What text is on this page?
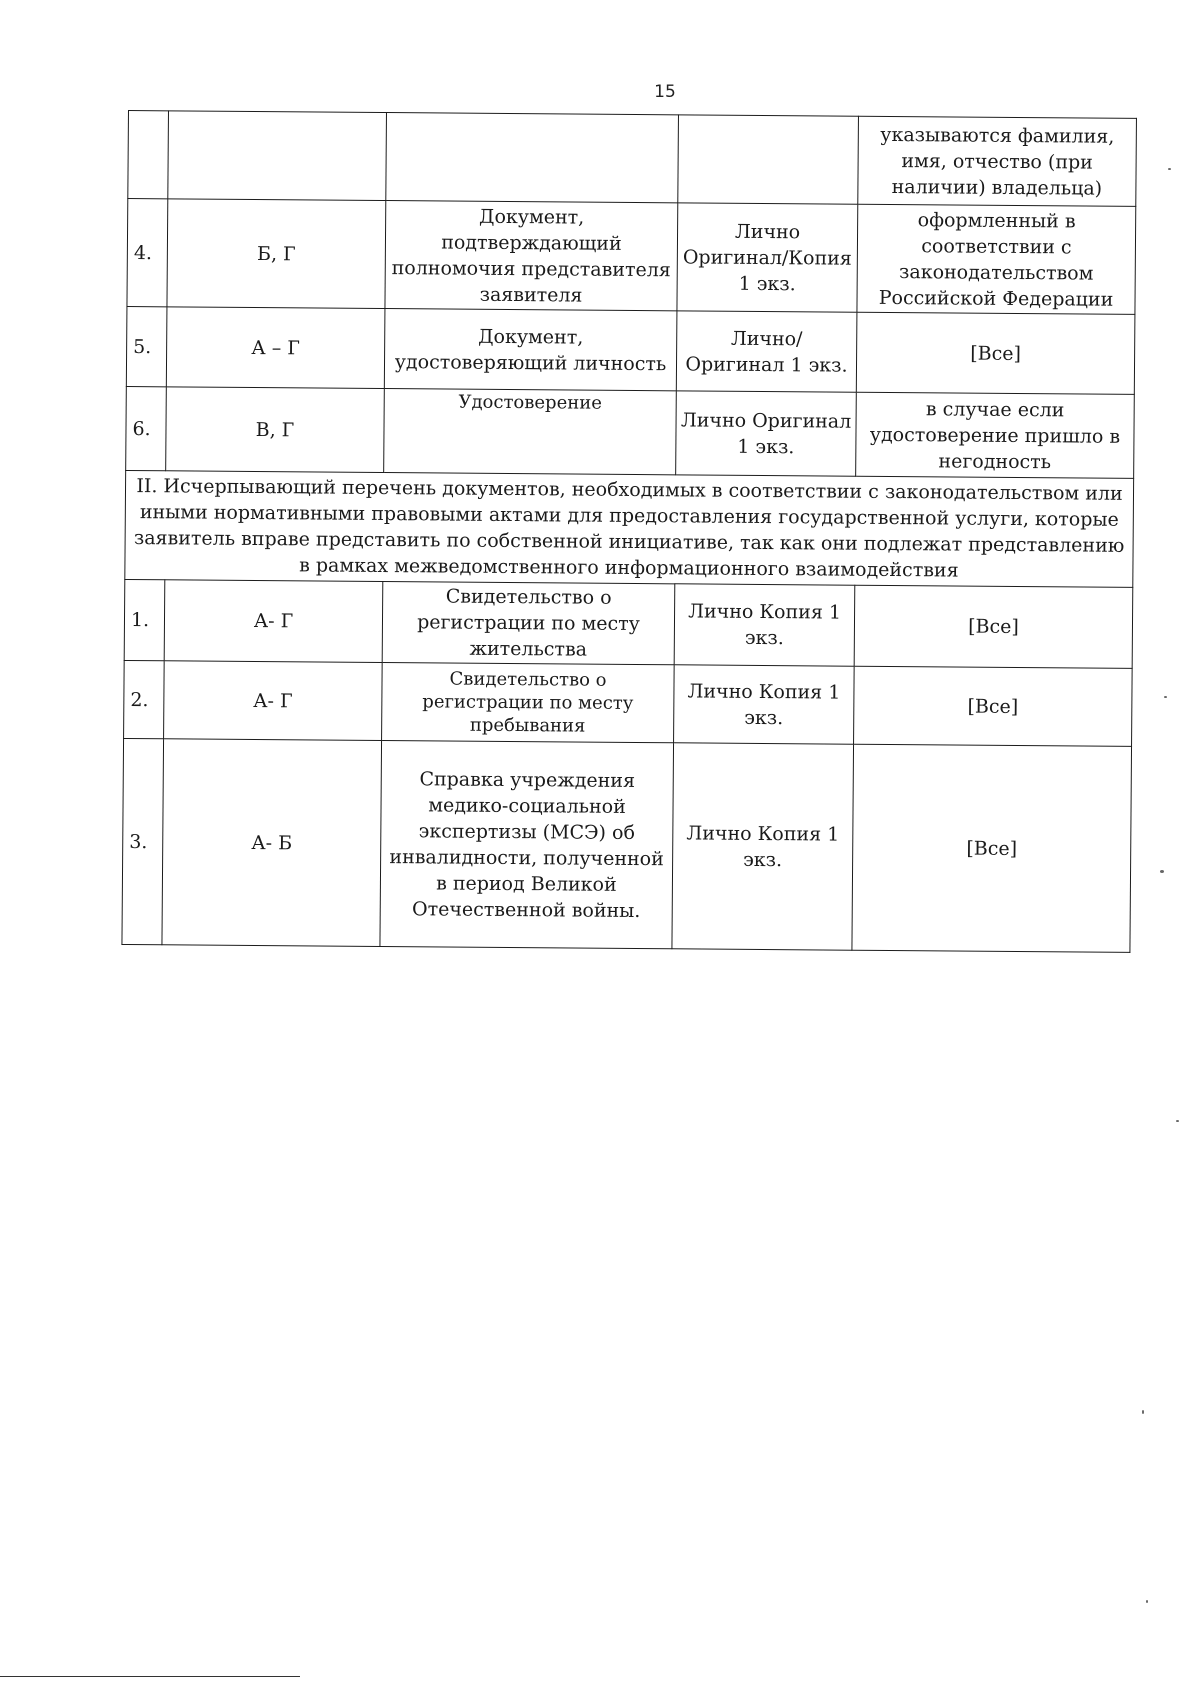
15
				указываются фамилия, имя, отчество (при наличии) владельца)
4.	Б, Г	Документ, подтверждающий полномочия представителя заявителя	Лично Оригинал/Копия 1 экз.	оформленный в соответствии с законодательством Российской Федерации
5.	А – Г	Документ, удостоверяющий личность	Лично/ Оригинал 1 экз.	[Все]
6.	В, Г	Удостоверение	Лично Оригинал 1 экз.	в случае если удостоверение пришло в негодность
II. Исчерпывающий перечень документов, необходимых в соответствии с законодательством или иными нормативными правовыми актами для предоставления государственной услуги, которые заявитель вправе представить по собственной инициативе, так как они подлежат представлению в рамках межведомственного информационного взаимодействия				
1.	А- Г	Свидетельство о регистрации по месту жительства	Лично Копия 1 экз.	[Все]
2.	А- Г	Свидетельство о регистрации по месту пребывания	Лично Копия 1 экз.	[Все]
3.	А- Б	Справка учреждения медико-социальной экспертизы (МСЭ) об инвалидности, полученной в период Великой Отечественной войны.	Лично Копия 1 экз.	[Все]
